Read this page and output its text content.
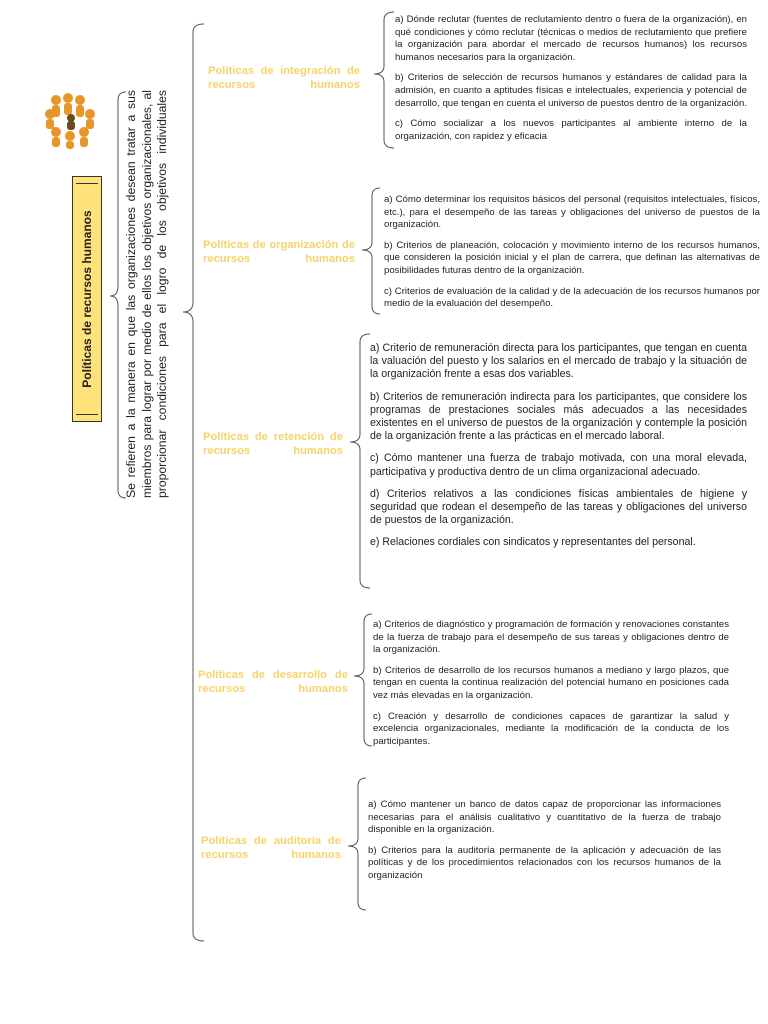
Políticas de recursos humanos Se refieren a la manera en que las organizaciones desean tratar a sus miembros para lograr por medio de ellos los objetivos organizacionales, al proporcionar condiciones para el logro de los objetivos individuales
Políticas de integración de recursos humanos
Políticas de organización de recursos humanos
Políticas de retención de recursos humanos
Políticas de desarrollo de recursos humanos
Políticas de auditoría de recursos humanos

a) Dónde reclutar (fuentes de reclutamiento dentro o fuera de la organización), en qué condiciones y cómo reclutar (técnicas o medios de reclutamiento que prefiere la organización para abordar el mercado de recursos humanos) los recursos humanos necesarios para la organización.

b) Criterios de selección de recursos humanos y estándares de calidad para la admisión, en cuanto a aptitudes físicas e intelectuales, experiencia y potencial de desarrollo, que tengan en cuenta el universo de puestos dentro de la organización.

c) Cómo socializar a los nuevos participantes al ambiente interno de la organización, con rapidez y eficacia

a) Cómo determinar los requisitos básicos del personal (requisitos intelectuales, físicos, etc.), para el desempeño de las tareas y obligaciones del universo de puestos de la organización.

b) Criterios de planeación, colocación y movimiento interno de los recursos humanos, que consideren la posición inicial y el plan de carrera, que definan las alternativas de posibilidades futuras dentro de la organización.

c) Criterios de evaluación de la calidad y de la adecuación de los recursos humanos por medio de la evaluación del desempeño.

a) Criterio de remuneración directa para los participantes, que tengan en cuenta la valuación del puesto y los salarios en el mercado de trabajo y la situación de la organización frente a esas dos variables.

b) Criterios de remuneración indirecta para los participantes, que considere los programas de prestaciones sociales más adecuados a las necesidades existentes en el universo de puestos de la organización y contemple la posición de la organización frente a las prácticas en el mercado laboral.

c) Cómo mantener una fuerza de trabajo motivada, con una moral elevada, participativa y productiva dentro de un clima organizacional adecuado.

d) Criterios relativos a las condiciones físicas ambientales de higiene y seguridad que rodean el desempeño de las tareas y obligaciones del universo de puestos de la organización.

e) Relaciones cordiales con sindicatos y representantes del personal.

a) Criterios de diagnóstico y programación de formación y renovaciones constantes de la fuerza de trabajo para el desempeño de sus tareas y obligaciones dentro de la organización.

b) Criterios de desarrollo de los recursos humanos a mediano y largo plazos, que tengan en cuenta la continua realización del potencial humano en posiciones cada vez más elevadas en la organización.

c) Creación y desarrollo de condiciones capaces de garantizar la salud y excelencia organizacionales, mediante la modificación de la conducta de los participantes.

a) Cómo mantener un banco de datos capaz de proporcionar las informaciones necesarias para el análisis cualitativo y cuantitativo de la fuerza de trabajo disponible en la organización.

b) Criterios para la auditoría permanente de la aplicación y adecuación de las políticas y de los procedimientos relacionados con los recursos humanos de la organización
